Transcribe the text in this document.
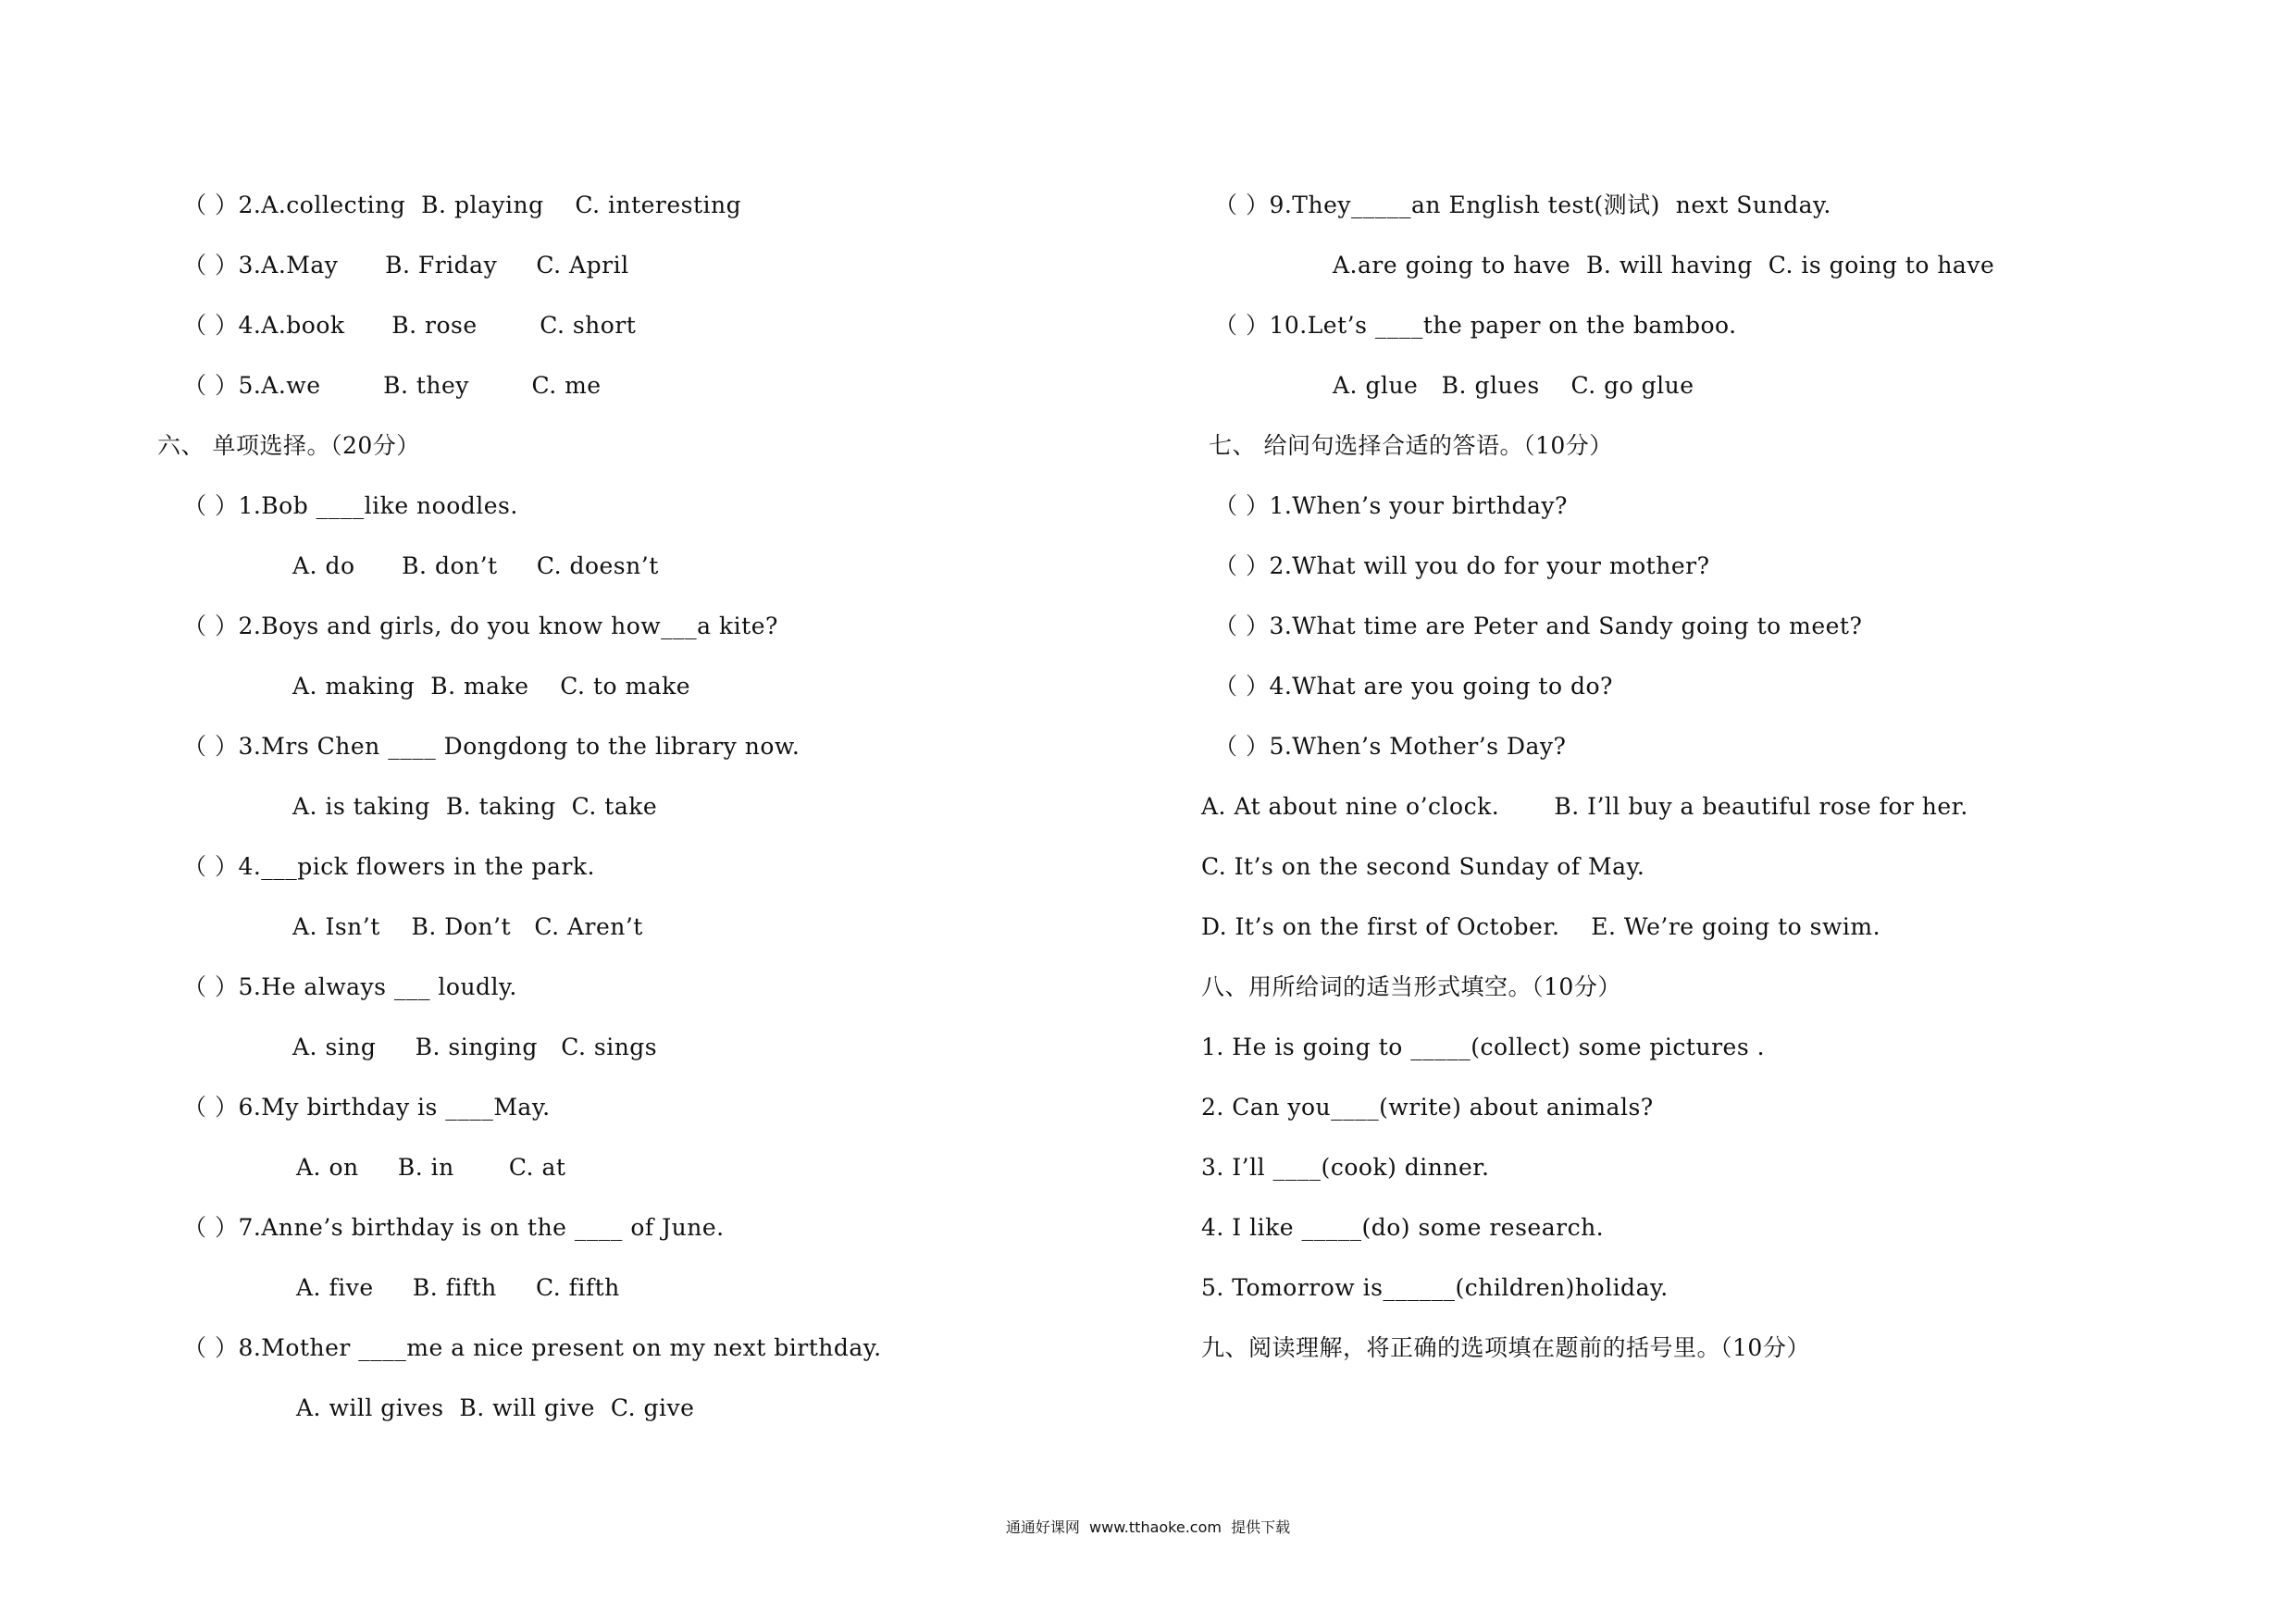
（ ）2.A.collecting  B. playing    C. interesting
（ ）3.A.May      B. Friday     C. April
（ ）4.A.book      B. rose        C. short
（ ）5.A.we        B. they        C. me
六、 单项选择。（20分）
（ ）1.Bob ____like noodles.
A. do      B. don’t     C. doesn’t
（ ）2.Boys and girls, do you know how___a kite?
A. making  B. make    C. to make
（ ）3.Mrs Chen ____ Dongdong to the library now.
A. is taking  B. taking  C. take
（ ）4.___pick flowers in the park.
A. Isn’t    B. Don’t   C. Aren’t
（ ）5.He always ___ loudly.
A. sing     B. singing   C. sings
（ ）6.My birthday is ____May.
A. on     B. in       C. at
（ ）7.Anne’s birthday is on the ____ of June.
A. five     B. fifth     C. fifth
（ ）8.Mother ____me a nice present on my next birthday.
A. will gives  B. will give  C. give
（ ）9.They_____an English test(测试)  next Sunday.
A.are going to have  B. will having  C. is going to have
（ ）10.Let’s ____the paper on the bamboo.
A. glue   B. glues    C. go glue
七、 给问句选择合适的答语。（10分）
（ ）1.When’s your birthday?
（ ）2.What will you do for your mother?
（ ）3.What time are Peter and Sandy going to meet?
（ ）4.What are you going to do?
（ ）5.When’s Mother’s Day?
A. At about nine o’clock.       B. I’ll buy a beautiful rose for her.
C. It’s on the second Sunday of May.
D. It’s on the first of October.    E. We’re going to swim.
八、用所给词的适当形式填空。（10分）
1. He is going to _____(collect) some pictures .
2. Can you____(write) about animals?
3. I’ll ____(cook) dinner.
4. I like _____(do) some research.
5. Tomorrow is______(children)holiday.
九、阅读理解，将正确的选项填在题前的括号里。（10分）
通通好课网  www.tthaoke.com  提供下载
